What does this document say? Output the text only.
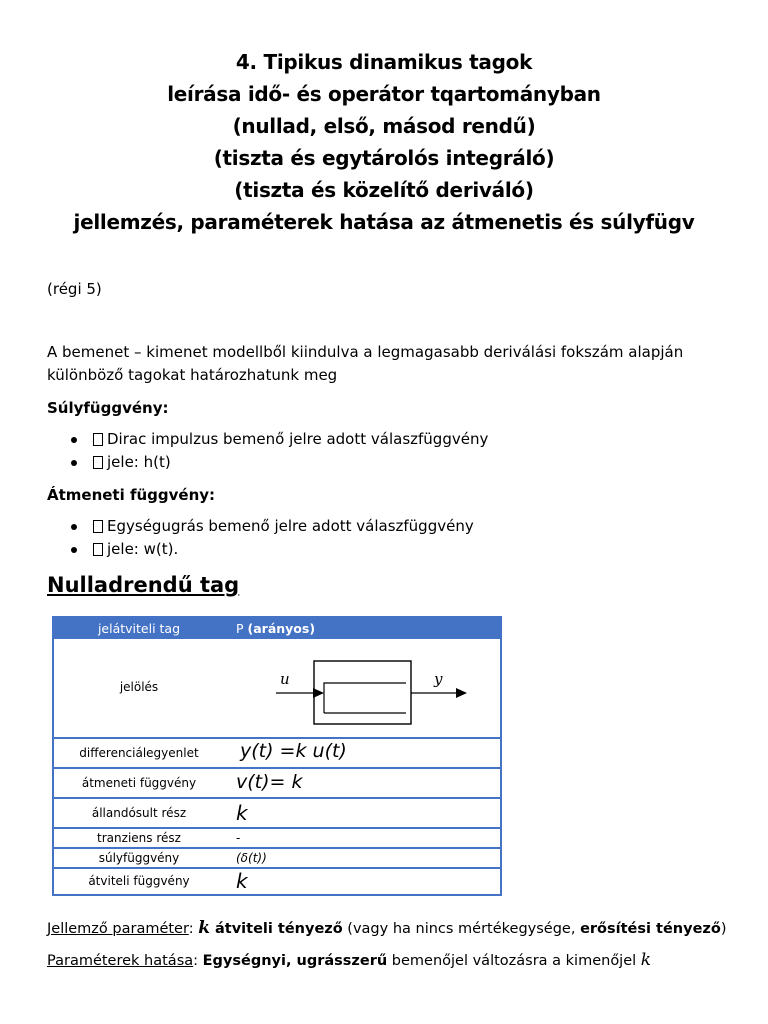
4. Tipikus dinamikus tagok
leírása idő- és operátor tqartományban
(nullad, első, másod rendű)
(tiszta és egytárolós integráló)
(tiszta és közelítő deriváló)
jellemzés, paraméterek hatása az átmenetis és súlyfügv
(régi 5)
A bemenet – kimenet modellből kiindulva a legmagasabb deriválási fokszám alapján különböző tagokat határozhatunk meg
Súlyfüggvény:
Dirac impulzus bemenő jelre adott válaszfüggvény
jele: h(t)
Átmeneti függvény:
Egységugrás bemenő jelre adott válaszfüggvény
jele: w(t).
Nulladrendű tag
jelátviteli tag	P (arányos)
jelölés	u	y
differenciálegyenlet	y(t) =k u(t)
átmeneti függvény	v(t)= k
állandósult rész	k
tranziens rész	-
súlyfüggvény	(δ(t))
átviteli függvény	k
Jellemző paraméter: k átviteli tényező (vagy ha nincs mértékegysége, erősítési tényező)
Paraméterek hatása: Egységnyi, ugrásszerű bemenőjel változásra a kimenőjel k
